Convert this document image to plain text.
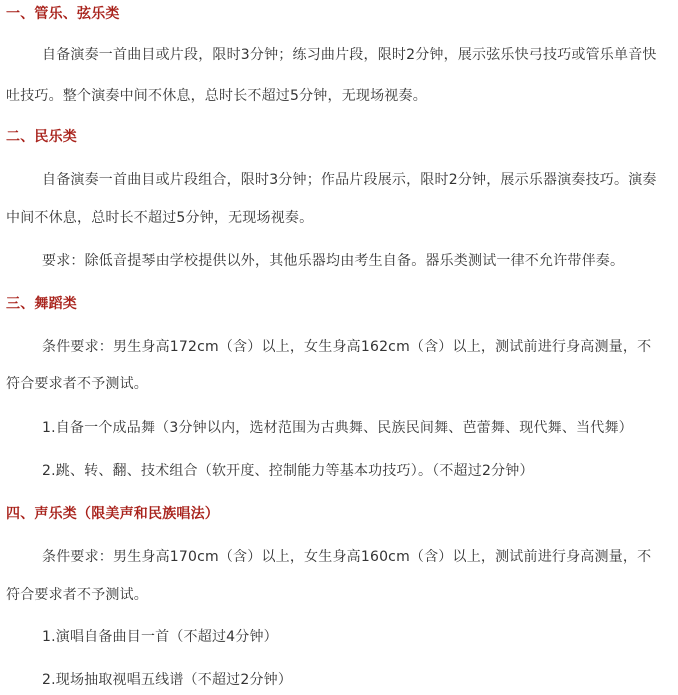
一、管乐、弦乐类
自备演奏一首曲目或片段，限时3分钟；练习曲片段，限时2分钟，展示弦乐快弓技巧或管乐单音快
吐技巧。整个演奏中间不休息，总时长不超过5分钟，无现场视奏。
二、民乐类
自备演奏一首曲目或片段组合，限时3分钟；作品片段展示，限时2分钟，展示乐器演奏技巧。演奏
中间不休息，总时长不超过5分钟，无现场视奏。
要求：除低音提琴由学校提供以外，其他乐器均由考生自备。器乐类测试一律不允许带伴奏。
三、舞蹈类
条件要求：男生身高172cm（含）以上，女生身高162cm（含）以上，测试前进行身高测量，不
符合要求者不予测试。
1.自备一个成品舞（3分钟以内，选材范围为古典舞、民族民间舞、芭蕾舞、现代舞、当代舞）
2.跳、转、翻、技术组合（软开度、控制能力等基本功技巧）。（不超过2分钟）
四、声乐类（限美声和民族唱法）
条件要求：男生身高170cm（含）以上，女生身高160cm（含）以上，测试前进行身高测量，不
符合要求者不予测试。
1.演唱自备曲目一首（不超过4分钟）
2.现场抽取视唱五线谱（不超过2分钟）
